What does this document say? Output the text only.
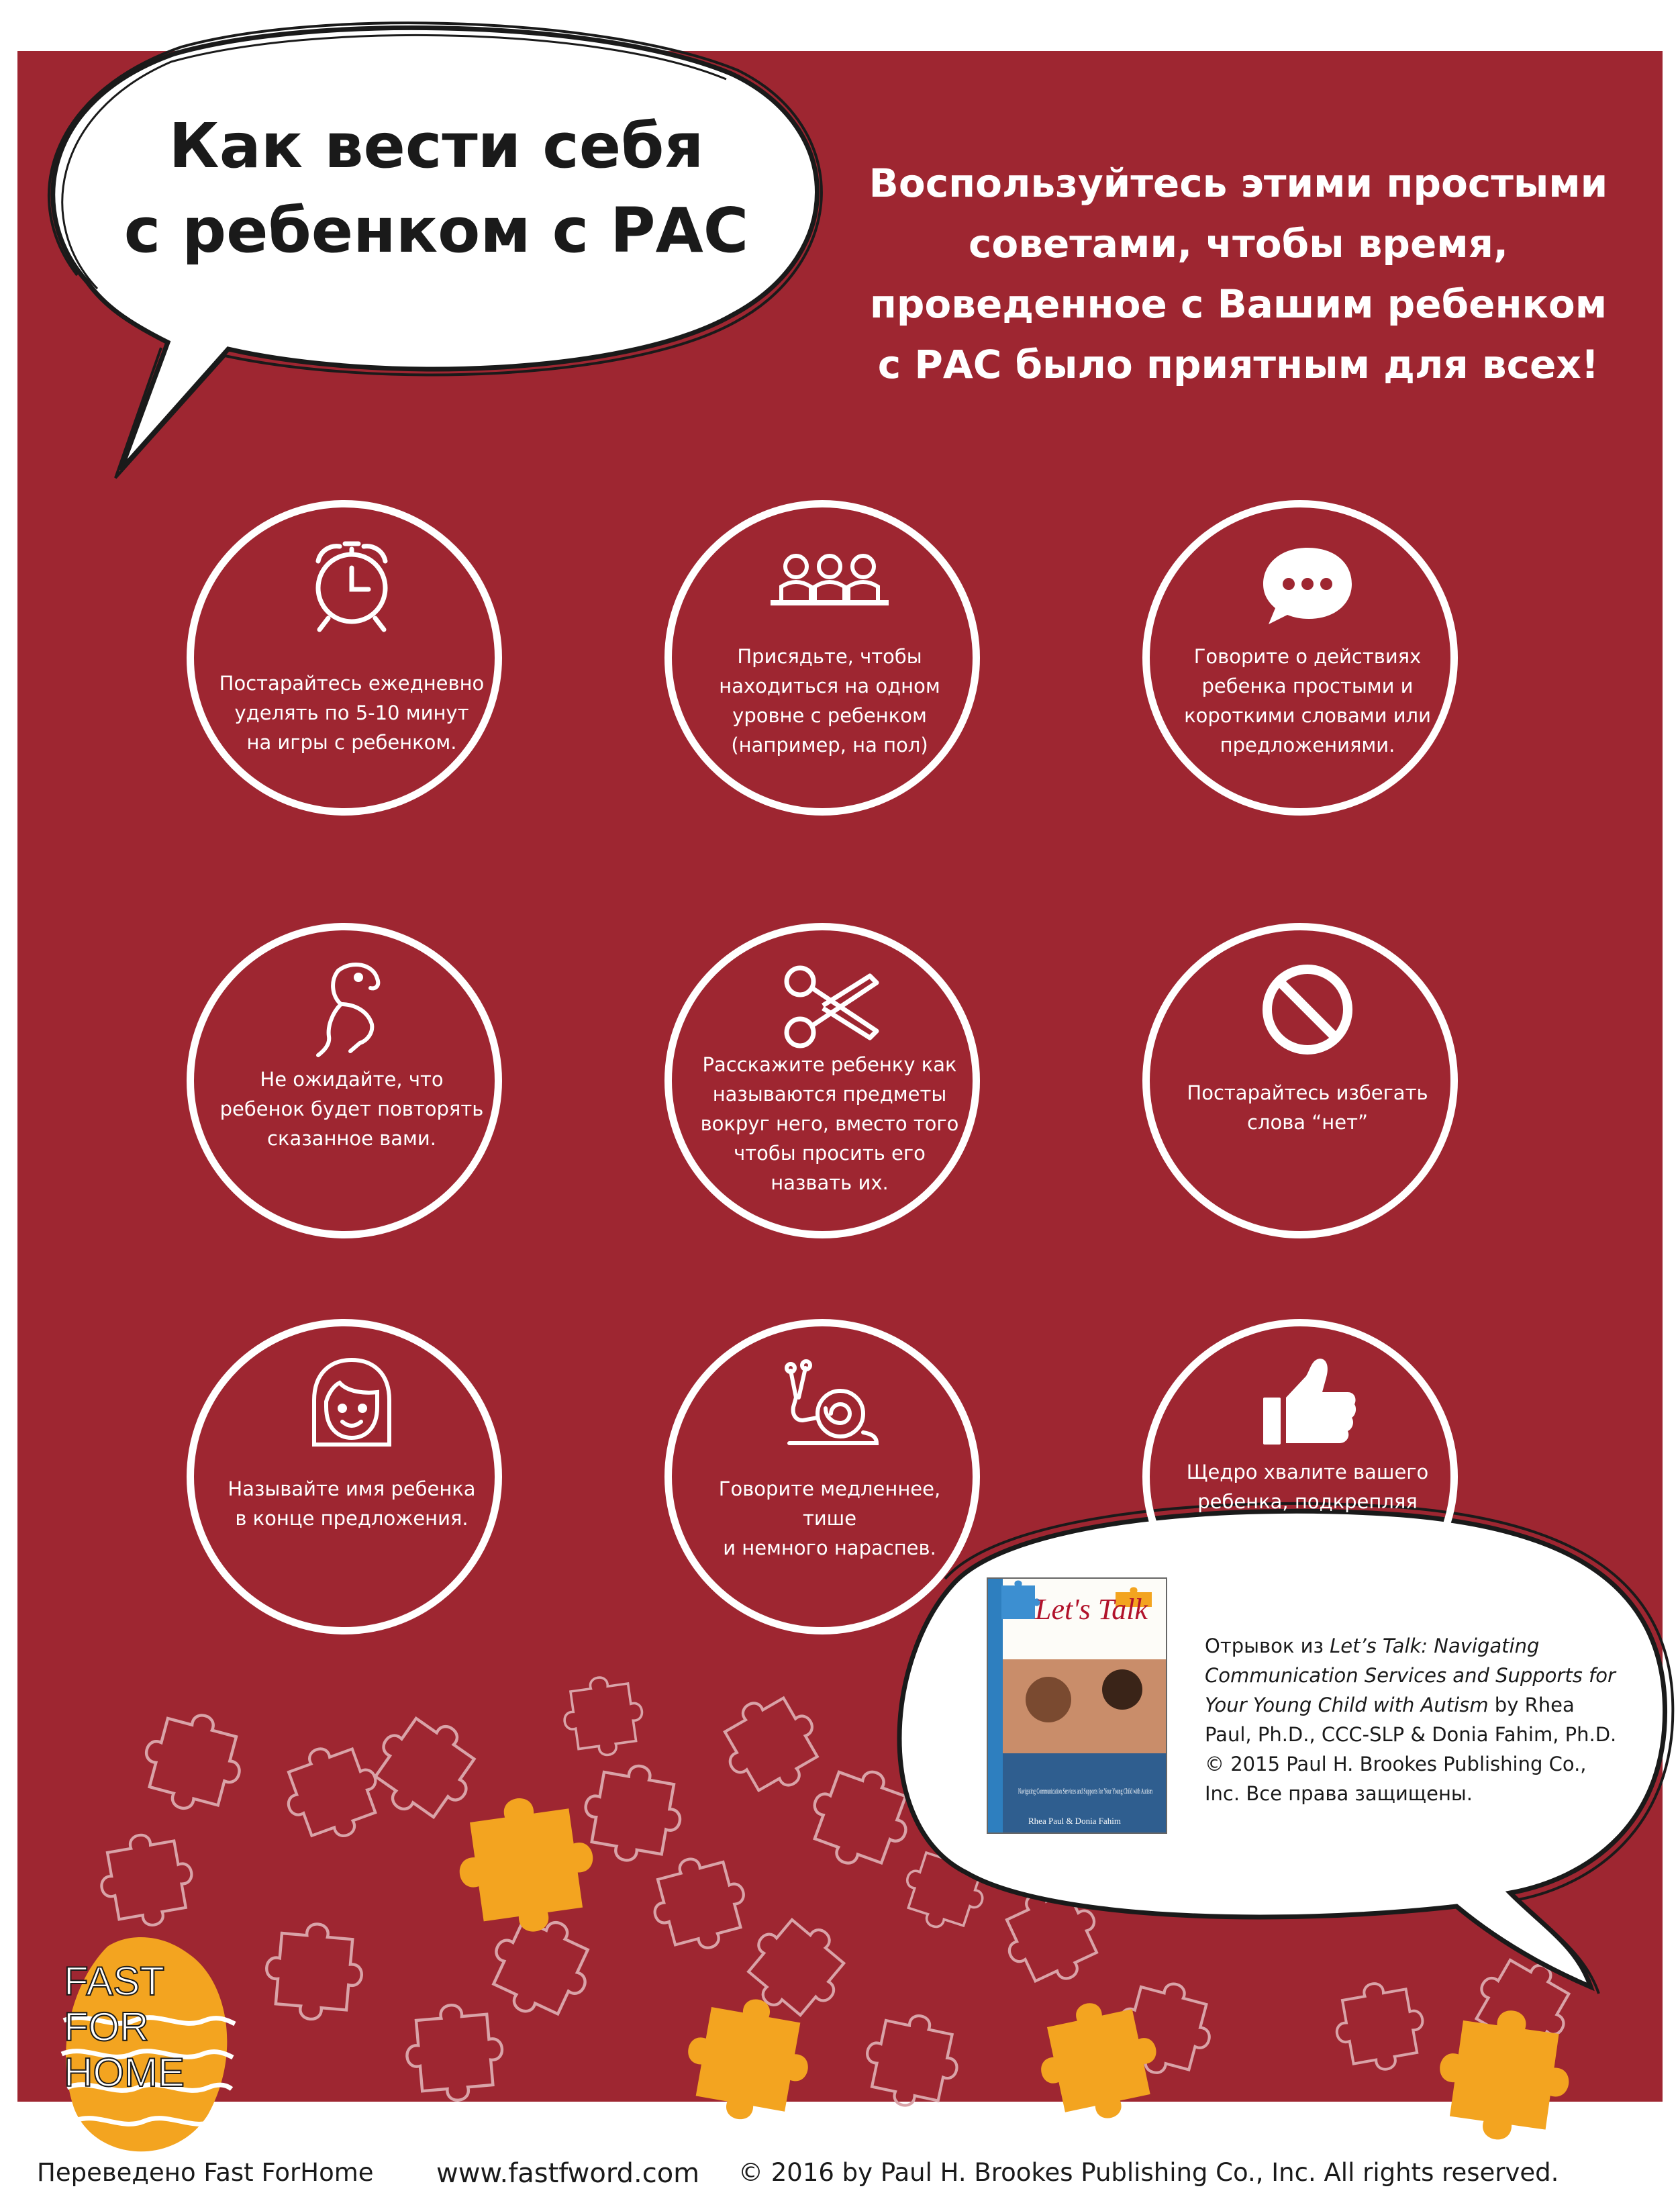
FAST
FOR
HOME
Как вести себя
с ребенком с РАС
Воспользуйтесь этими простыми
советами, чтобы время,
проведенное с Вашим ребенком
с РАС было приятным для всех!
Постарайтесь ежедневно
уделять по 5-10 минут
на игры с ребенком.
Присядьте, чтобы
находиться на одном
уровне с ребенком
(например, на пол)
Говорите о действиях
ребенка простыми и
короткими словами или
предложениями.
Не ожидайте, что
ребенок будет повторять
сказанное вами.
Расскажите ребенку как
называются предметы
вокруг него, вместо того
чтобы просить его
назвать их.
Постарайтесь избегать
слова “нет”
Называйте имя ребенка
в конце предложения.
Говорите медленнее, тише
и немного нараспев.
Щедро хвалите вашего
ребенка, подкрепляя
похвалу выражениями
лица и объятиями.
Navigating Communication Services and Supports for Your Young Child with Autism
Rhea Paul & Donia Fahim
Let's Talk
Отрывок из Let’s Talk: Navigating Communication Services and Supports for Your Young Child with Autism by Rhea Paul, Ph.D., CCC-SLP & Donia Fahim, Ph.D. © 2015 Paul H. Brookes Publishing Co., Inc. Все права защищены.
Переведено Fast ForHome www.fastfword.com © 2016 by Paul H. Brookes Publishing Co., Inc. All rights reserved.
